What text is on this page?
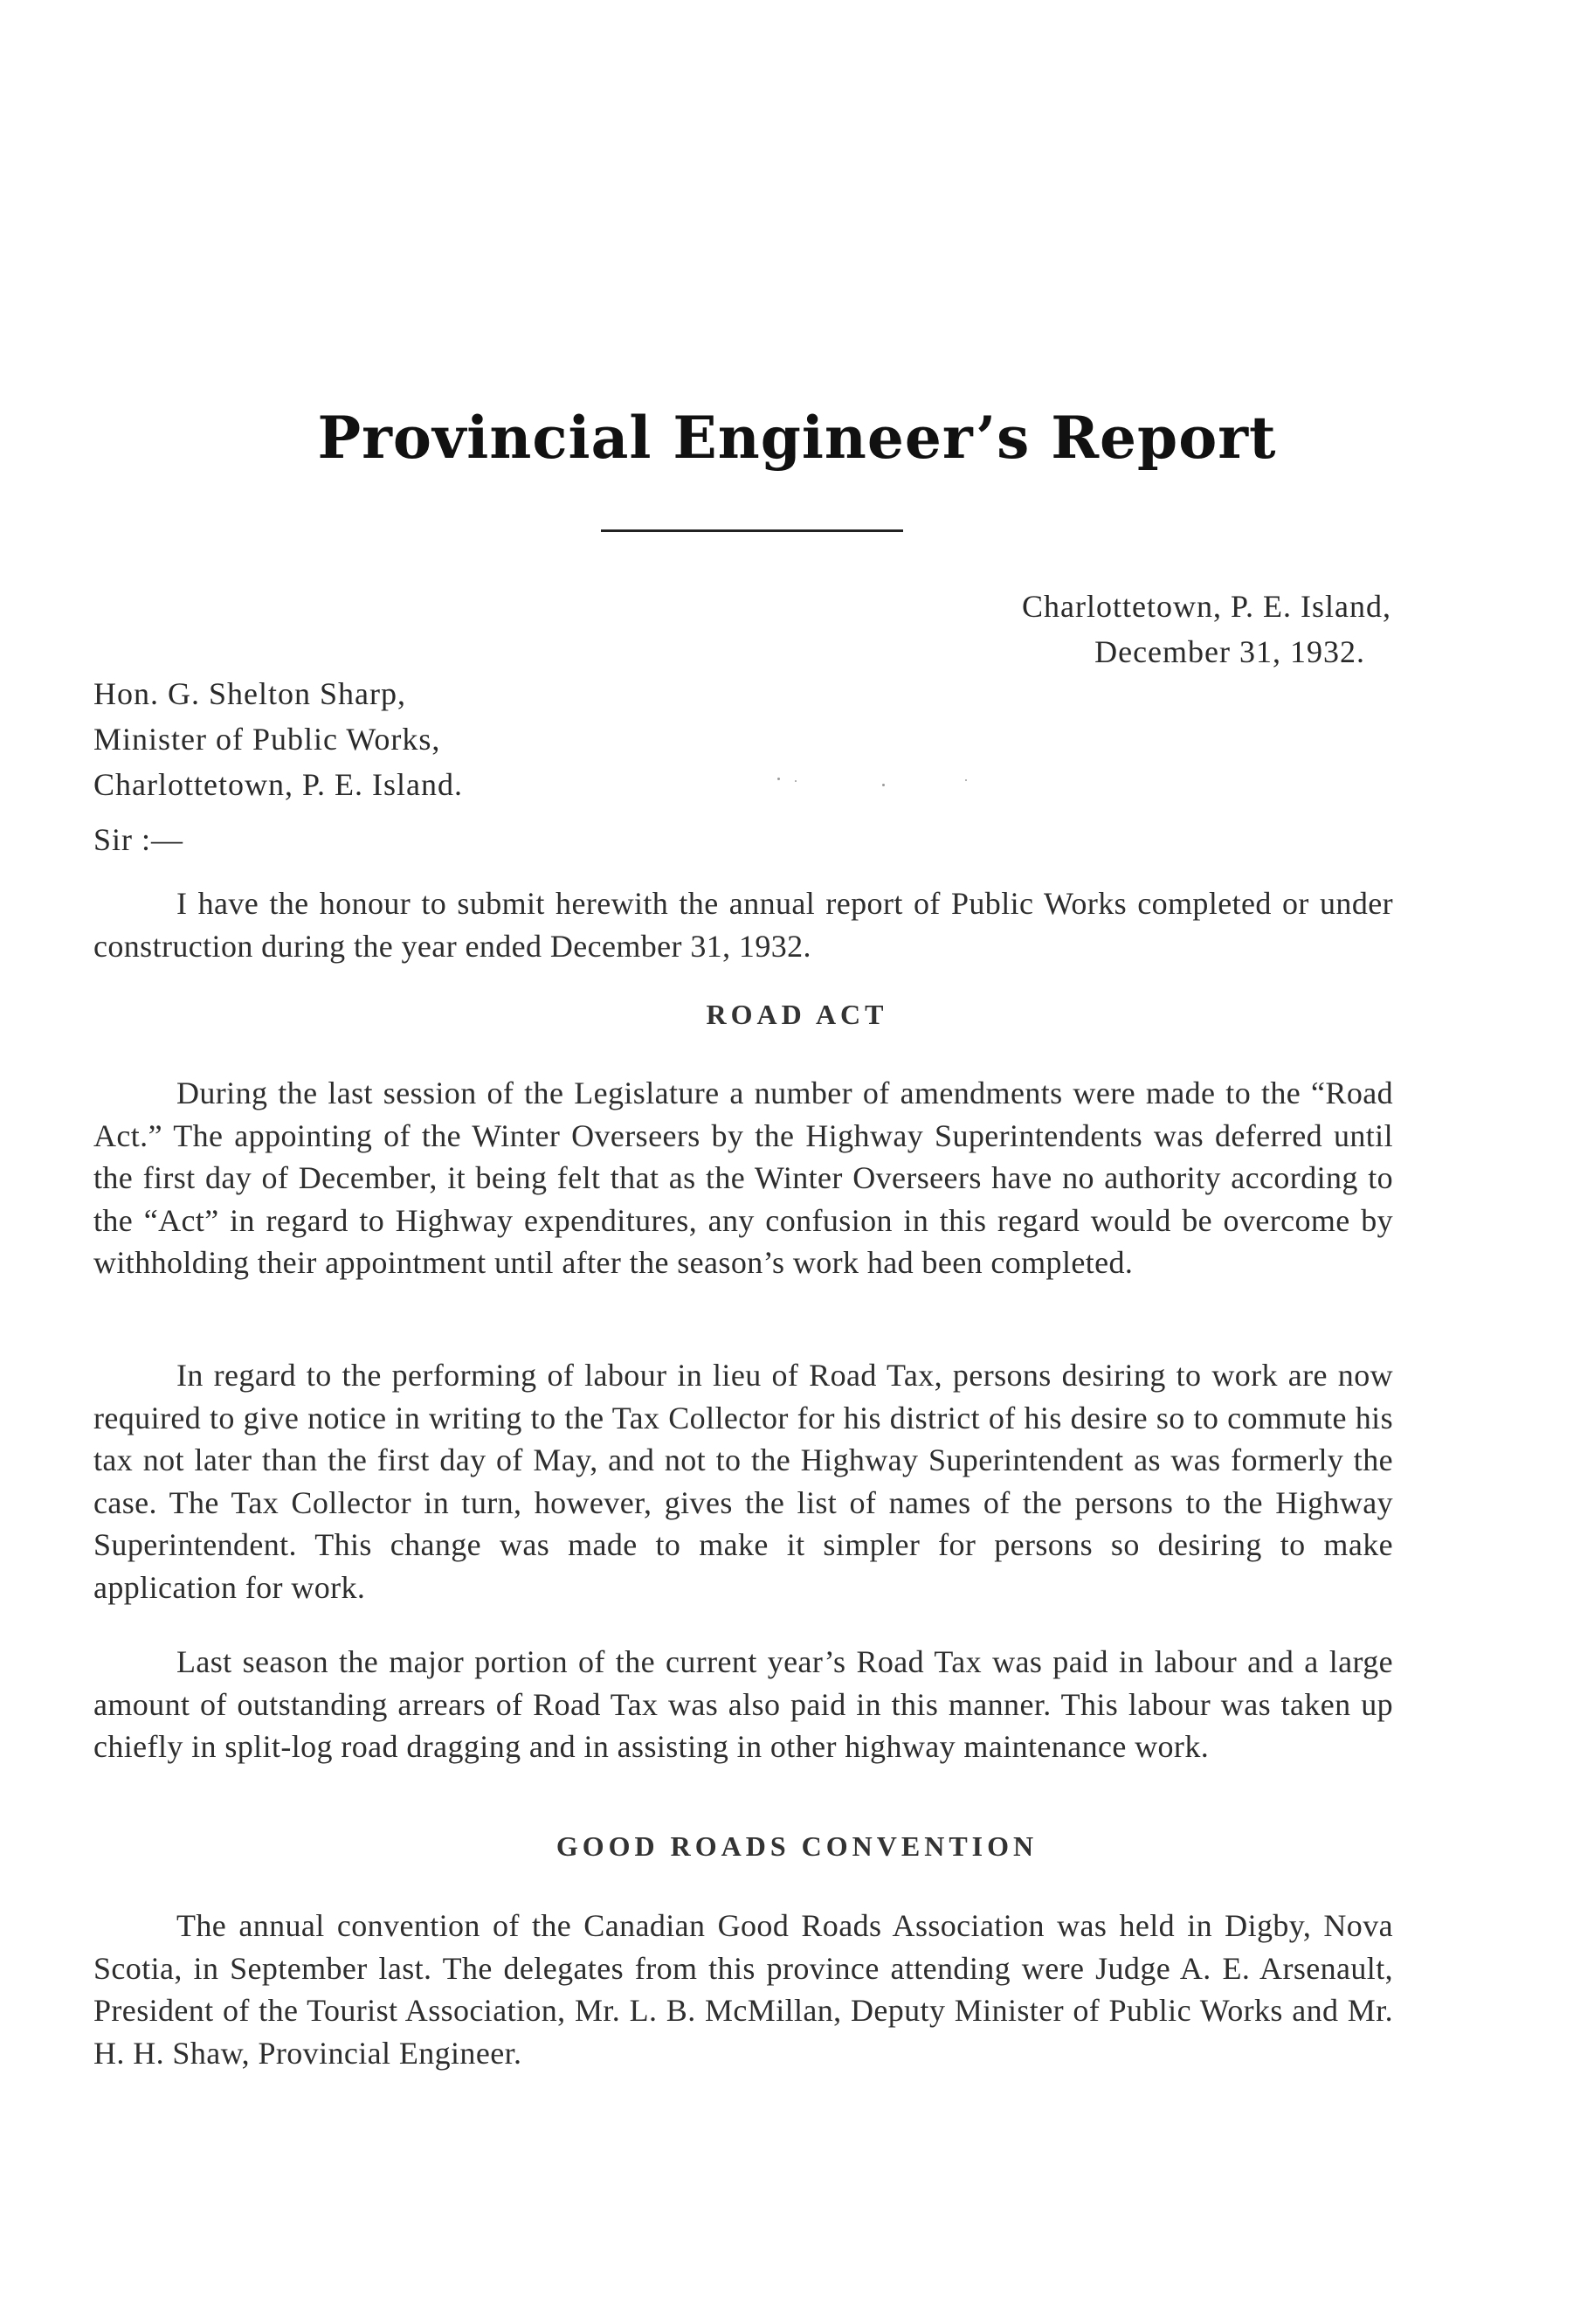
Provincial Engineer’s Report
Charlottetown, P. E. Island,
December 31, 1932.
Hon. G. Shelton Sharp,
Minister of Public Works,
Charlottetown, P. E. Island.
Sir :—

I have the honour to submit herewith the annual report of Public Works completed or under construction during the year ended December 31, 1932.

ROAD ACT

During the last session of the Legislature a number of amendments were made to the “Road Act.” The appointing of the Winter Overseers by the Highway Superintendents was deferred until the first day of December, it being felt that as the Winter Overseers have no authority according to the “Act” in regard to Highway expenditures, any confusion in this regard would be overcome by withholding their appointment until after the season’s work had been completed.

In regard to the performing of labour in lieu of Road Tax, persons desiring to work are now required to give notice in writing to the Tax Collector for his district of his desire so to commute his tax not later than the first day of May, and not to the Highway Superintendent as was formerly the case. The Tax Collector in turn, however, gives the list of names of the persons to the Highway Superintendent. This change was made to make it simpler for persons so desiring to make application for work.

Last season the major portion of the current year’s Road Tax was paid in labour and a large amount of outstanding arrears of Road Tax was also paid in this manner. This labour was taken up chiefly in split-log road dragging and in assisting in other highway maintenance work.

GOOD ROADS CONVENTION

The annual convention of the Canadian Good Roads Association was held in Digby, Nova Scotia, in September last. The delegates from this province attending were Judge A. E. Arsenault, President of the Tourist Association, Mr. L. B. McMillan, Deputy Minister of Public Works and Mr. H. H. Shaw, Provincial Engineer.
